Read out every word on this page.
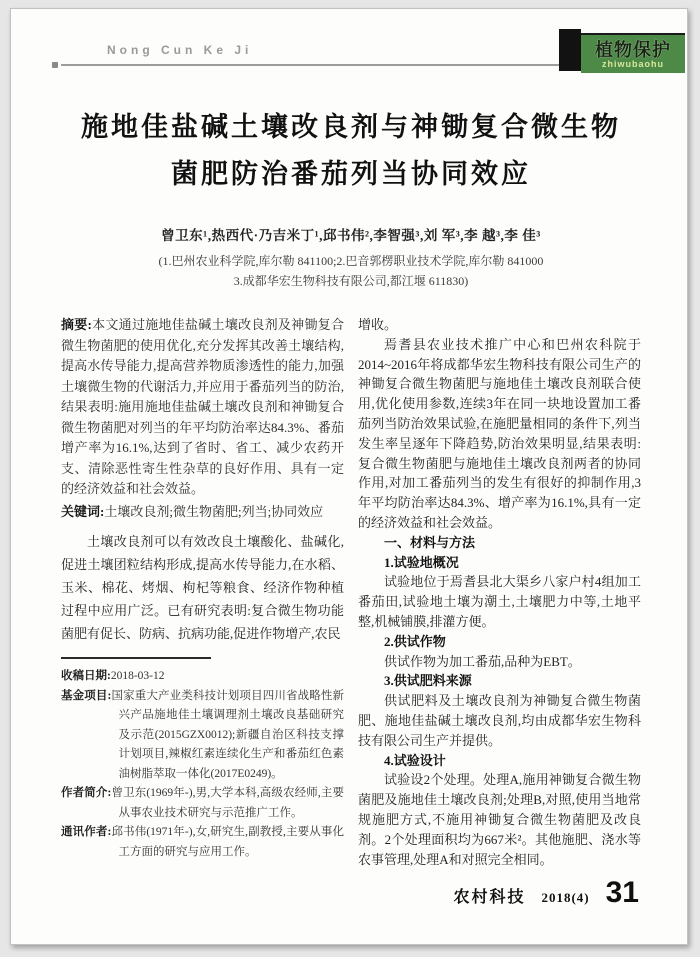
Nong Cun Ke Ji	植物保护
zhiwubaohu
施地佳盐碱土壤改良剂与神锄复合微生物
菌肥防治番茄列当协同效应
曾卫东¹,热西代·乃吉米丁¹,邱书伟²,李智强³,刘 军³,李 越³,李 佳³
(1.巴州农业科学院,库尔勒 841100;2.巴音郭楞职业技术学院,库尔勒 841000
3.成都华宏生物科技有限公司,都江堰 611830)
摘要:本文通过施地佳盐碱土壤改良剂及神锄复合微生物菌肥的使用优化,充分发挥其改善土壤结构,提高水传导能力,提高营养物质渗透性的能力,加强土壤微生物的代谢活力,并应用于番茄列当的防治,结果表明:施用施地佳盐碱土壤改良剂和神锄复合微生物菌肥对列当的年平均防治率达84.3%、番茄增产率为16.1%,达到了省时、省工、减少农药开支、清除恶性寄生性杂草的良好作用、具有一定的经济效益和社会效益。
关键词:土壤改良剂;微生物菌肥;列当;协同效应
土壤改良剂可以有效改良土壤酸化、盐碱化,促进土壤团粒结构形成,提高水传导能力,在水稻、玉米、棉花、烤烟、枸杞等粮食、经济作物种植过程中应用广泛。已有研究表明:复合微生物功能菌肥有促长、防病、抗病功能,促进作物增产,农民
收稿日期:2018-03-12
基金项目:国家重大产业类科技计划项目四川省战略性新兴产品施地佳土壤调理剂土壤改良基础研究及示范(2015GZX0012);新疆自治区科技支撑计划项目,辣椒红素连续化生产和番茄红色素油树脂萃取一体化(2017E0249)。
作者简介:曾卫东(1969年-),男,大学本科,高级农经师,主要从事农业技术研究与示范推广工作。
通讯作者:邱书伟(1971年-),女,研究生,副教授,主要从事化工方面的研究与应用工作。

增收。

焉耆县农业技术推广中心和巴州农科院于2014~2016年将成都华宏生物科技有限公司生产的神锄复合微生物菌肥与施地佳土壤改良剂联合使用,优化使用参数,连续3年在同一块地设置加工番茄列当防治效果试验,在施肥量相同的条件下,列当发生率呈逐年下降趋势,防治效果明显,结果表明:复合微生物菌肥与施地佳土壤改良剂两者的协同作用,对加工番茄列当的发生有很好的抑制作用,3年平均防治率达84.3%、增产率为16.1%,具有一定的经济效益和社会效益。

一、材料与方法

1.试验地概况

试验地位于焉耆县北大渠乡八家户村4组加工番茄田,试验地土壤为潮土,土壤肥力中等,土地平整,机械铺膜,排灌方便。

2.供试作物

供试作物为加工番茄,品种为EBT。

3.供试肥料来源

供试肥料及土壤改良剂为神锄复合微生物菌肥、施地佳盐碱土壤改良剂,均由成都华宏生物科技有限公司生产并提供。

4.试验设计

试验设2个处理。处理A,施用神锄复合微生物菌肥及施地佳土壤改良剂;处理B,对照,使用当地常规施肥方式,不施用神锄复合微生物菌肥及改良剂。2个处理面积均为667米²。其他施肥、浇水等农事管理,处理A和对照完全相同。

农村科技 2018(4) 31
